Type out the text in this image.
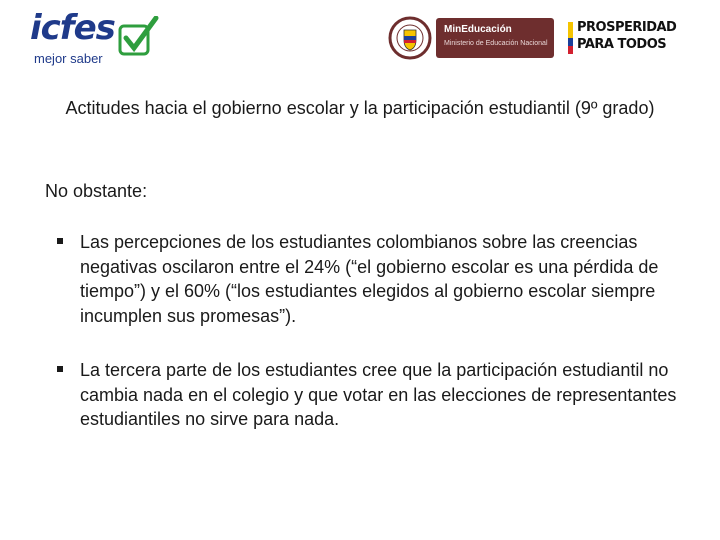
icfes
mejor saber
MinEducación
Ministerio de Educación Nacional
PROSPERIDAD
PARA TODOS
Actitudes hacia el gobierno escolar y la participación estudiantil (9º grado)
No obstante:
Las percepciones de los estudiantes colombianos sobre las creencias negativas oscilaron entre el 24% (“el gobierno escolar es una pérdida de tiempo”) y el 60% (“los estudiantes elegidos al gobierno escolar siempre incumplen sus promesas”).
La tercera parte de los estudiantes cree que la participación estudiantil no cambia nada en el colegio y que votar en las elecciones de representantes estudiantiles no sirve para nada.
